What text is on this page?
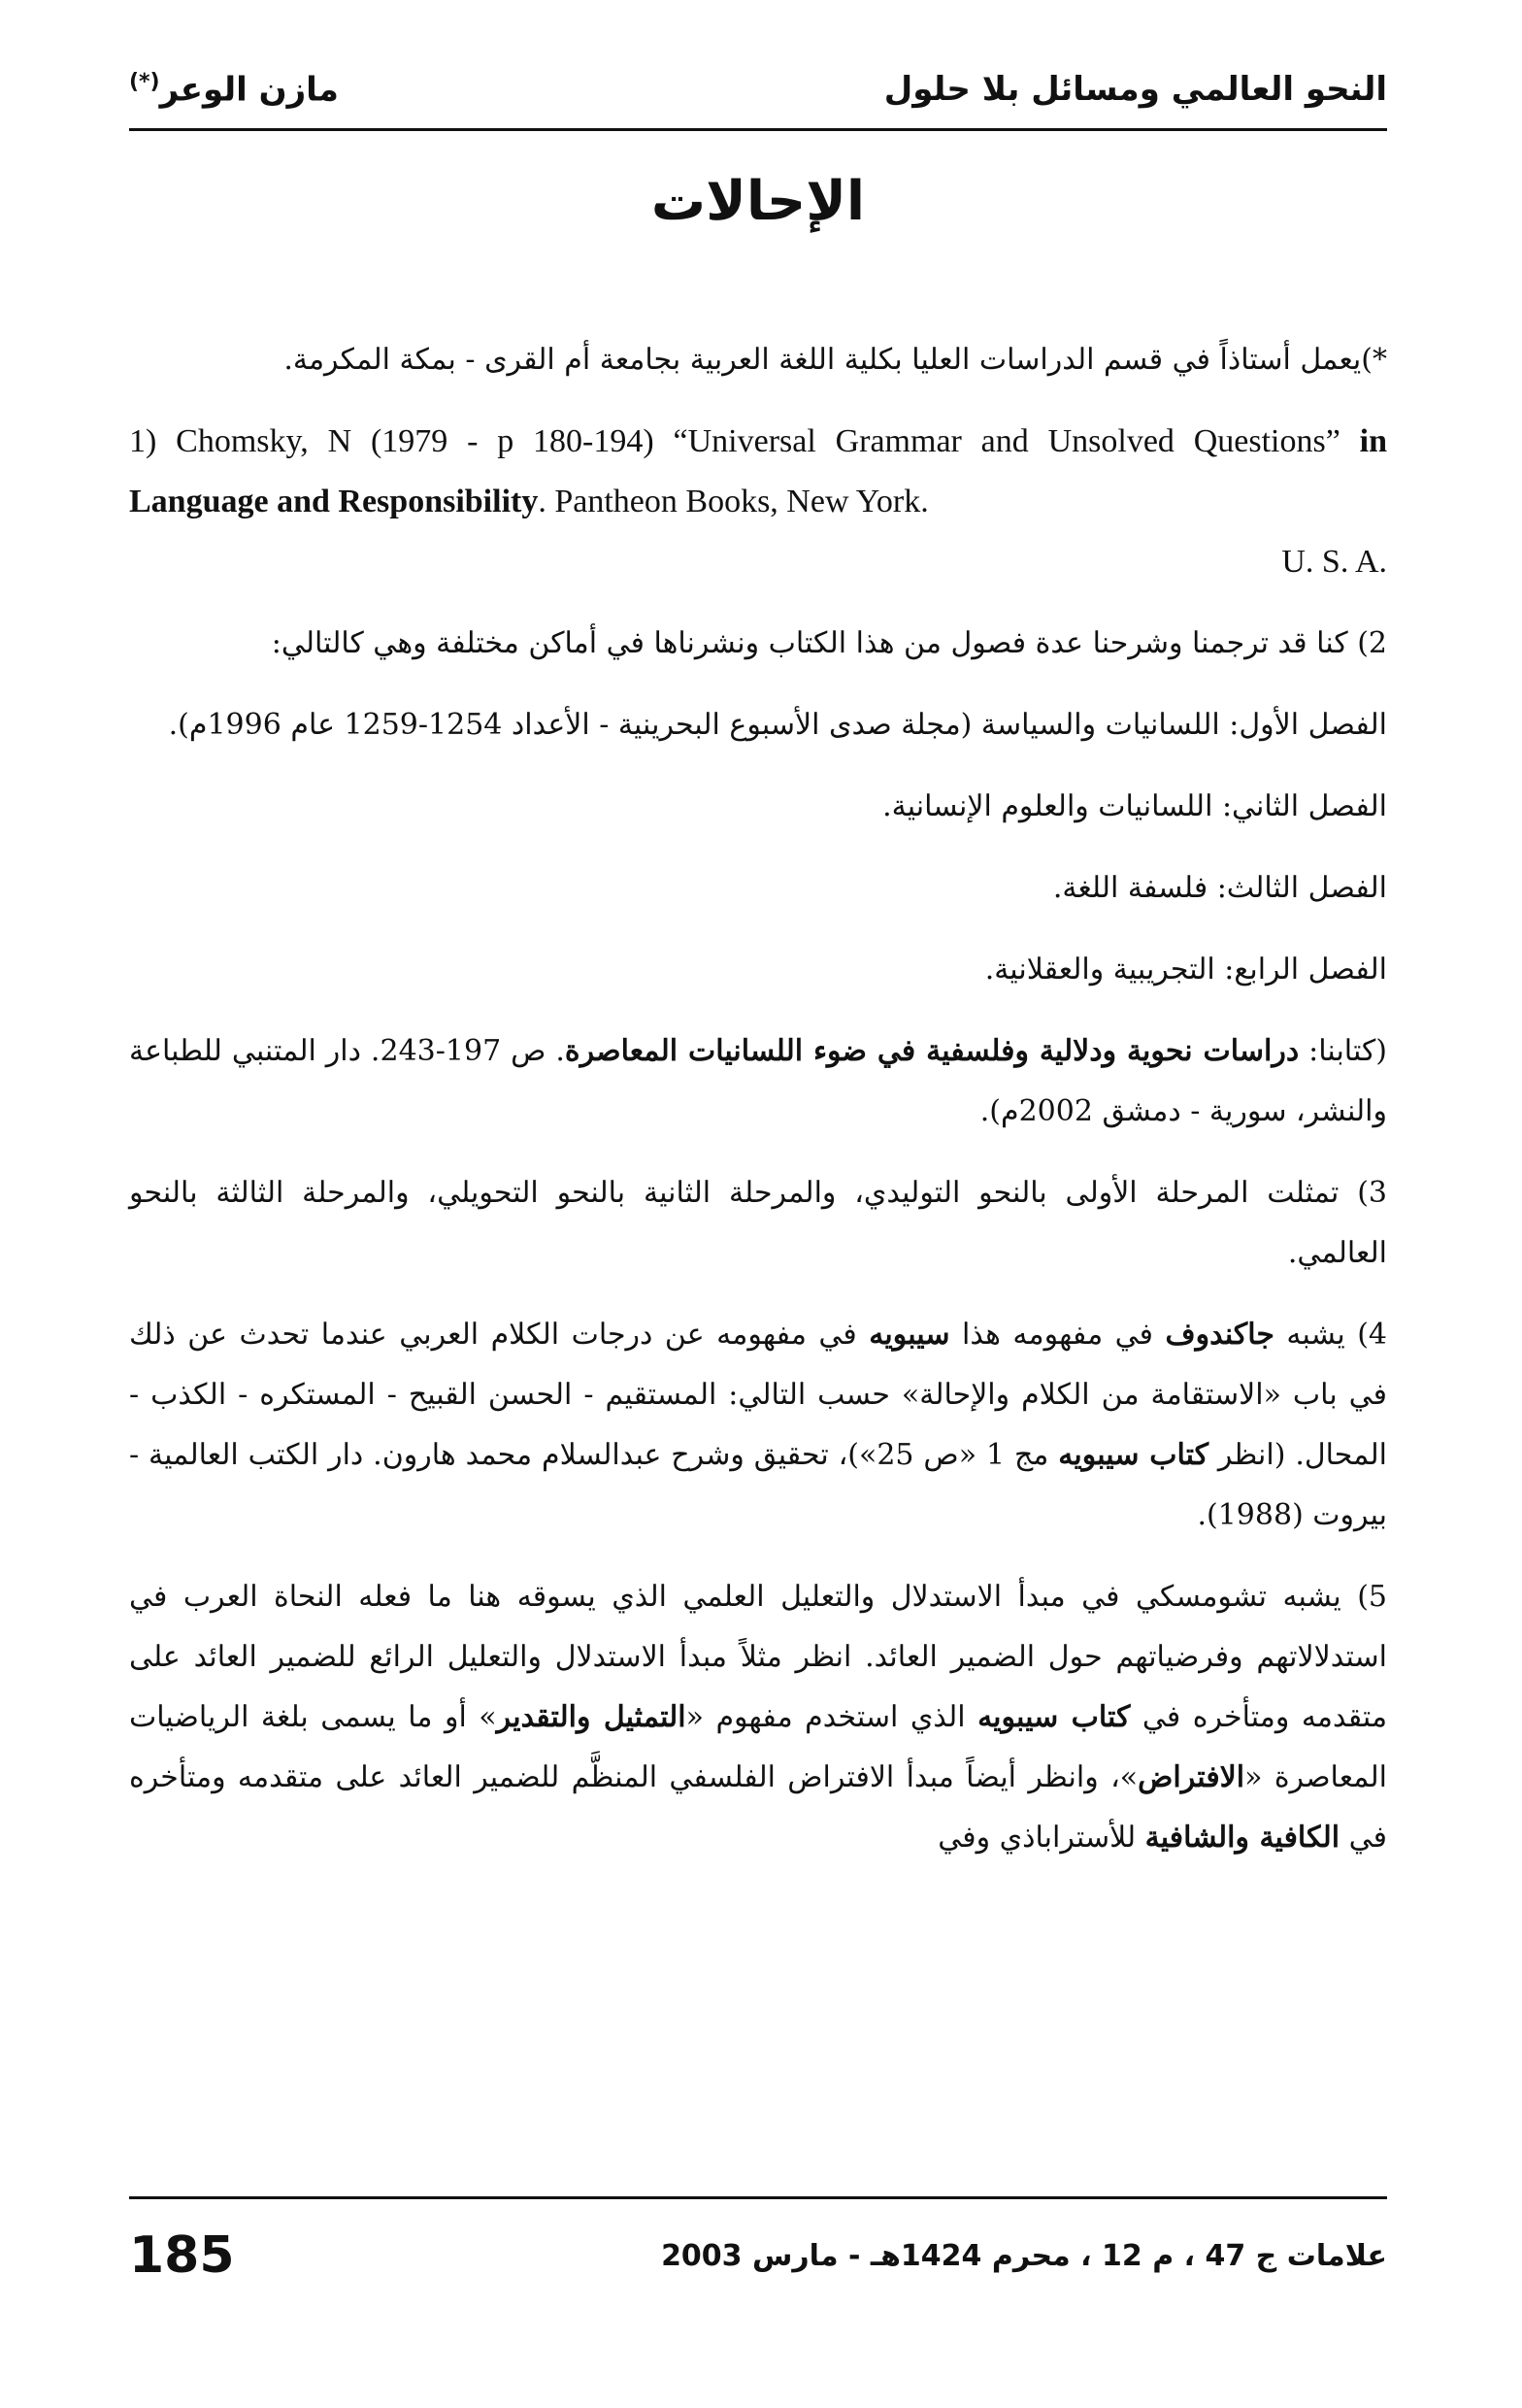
مازن الوعر(*)	النحو العالمي ومسائل بلا حلول
الإحالات

*)يعمل أستاذاً في قسم الدراسات العليا بكلية اللغة العربية بجامعة أم القرى - بمكة المكرمة.

1) Chomsky, N (1979 - p 180-194) “Universal Grammar and Unsolved Questions” in Language and Responsibility. Pantheon Books, New York.
U. S. A.

2) كنا قد ترجمنا وشرحنا عدة فصول من هذا الكتاب ونشرناها في أماكن مختلفة وهي كالتالي:

الفصل الأول: اللسانيات والسياسة (مجلة صدى الأسبوع البحرينية - الأعداد 1254-1259 عام 1996م).

الفصل الثاني: اللسانيات والعلوم الإنسانية.

الفصل الثالث: فلسفة اللغة.

الفصل الرابع: التجريبية والعقلانية.

(كتابنا: دراسات نحوية ودلالية وفلسفية في ضوء اللسانيات المعاصرة. ص 197-243. دار المتنبي للطباعة والنشر، سورية - دمشق 2002م).

3) تمثلت المرحلة الأولى بالنحو التوليدي، والمرحلة الثانية بالنحو التحويلي، والمرحلة الثالثة بالنحو العالمي.

4) يشبه جاكندوف في مفهومه هذا سيبويه في مفهومه عن درجات الكلام العربي عندما تحدث عن ذلك في باب «الاستقامة من الكلام والإحالة» حسب التالي: المستقيم - الحسن القبيح - المستكره - الكذب - المحال. (انظر كتاب سيبويه مج 1 «ص 25»)، تحقيق وشرح عبدالسلام محمد هارون. دار الكتب العالمية - بيروت (1988).

5) يشبه تشومسكي في مبدأ الاستدلال والتعليل العلمي الذي يسوقه هنا ما فعله النحاة العرب في استدلالاتهم وفرضياتهم حول الضمير العائد. انظر مثلاً مبدأ الاستدلال والتعليل الرائع للضمير العائد على متقدمه ومتأخره في كتاب سيبويه الذي استخدم مفهوم «التمثيل والتقدير» أو ما يسمى بلغة الرياضيات المعاصرة «الافتراض»، وانظر أيضاً مبدأ الافتراض الفلسفي المنظَّم للضمير العائد على متقدمه ومتأخره في الكافية والشافية للأستراباذي وفي

185	علامات ج 47 ، م 12 ، محرم 1424هـ - مارس 2003
